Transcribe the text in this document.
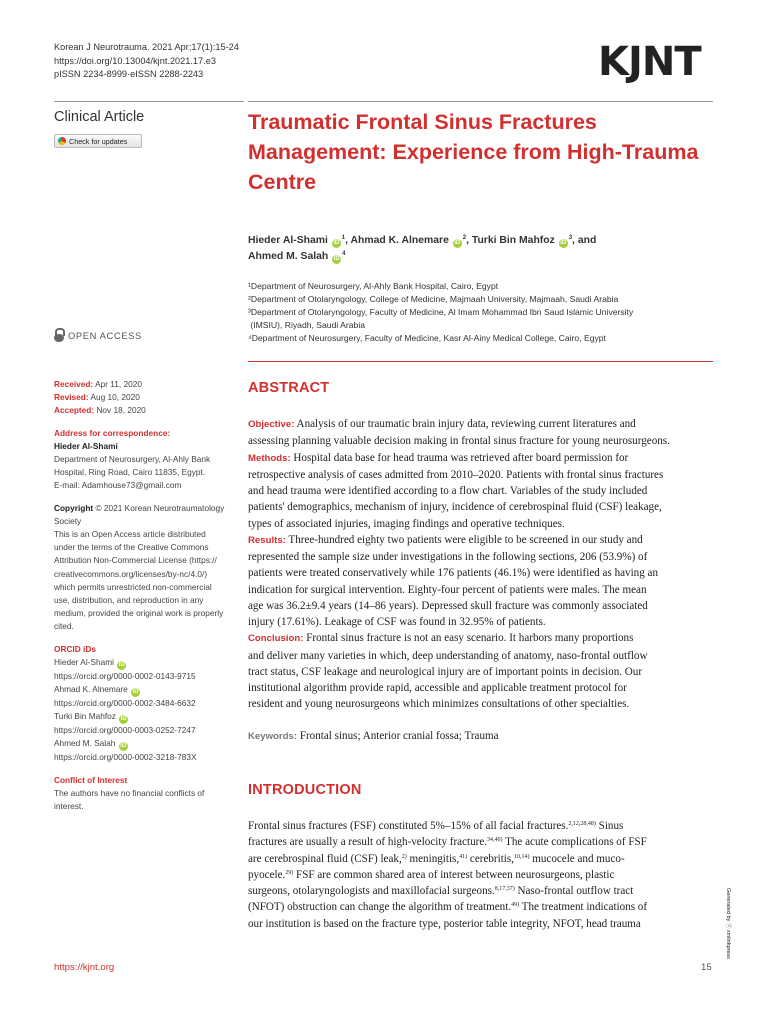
Korean J Neurotrauma. 2021 Apr;17(1):15-24
https://doi.org/10.13004/kjnt.2021.17.e3
pISSN 2234-8999·eISSN 2288-2243	KJNT
Clinical Article
Check for updates
Traumatic Frontal Sinus Fractures Management: Experience from High-Trauma Centre
Hieder Al-Shami $iD^1$, Ahmad K. Alnemare $iD^2$, Turki Bin Mahfoz $iD^3$, and
Ahmed M. Salah $iD^4$
¹Department of Neurosurgery, Al-Ahly Bank Hospital, Cairo, Egypt
²Department of Otolaryngology, College of Medicine, Majmaah University, Majmaah, Saudi Arabia
³Department of Otolaryngology, Faculty of Medicine, Al Imam Mohammad Ibn Saud Islamic University
(IMSIU), Riyadh, Saudi Arabia
⁴Department of Neurosurgery, Faculty of Medicine, Kasr Al-Ainy Medical College, Cairo, Egypt
OPEN ACCESS
Received: Apr 11, 2020
Revised: Aug 10, 2020
Accepted: Nov 18, 2020
Address for correspondence:
Hieder Al-Shami
Department of Neurosurgery, Al-Ahly Bank
Hospital, Ring Road, Cairo 11835, Egypt.
E-mail: Adamhouse73@gmail.com
Copyright © 2021 Korean Neurotraumatology
Society
This is an Open Access article distributed
under the terms of the Creative Commons
Attribution Non-Commercial License (https://
creativecommons.org/licenses/by-nc/4.0/)
which permits unrestricted non-commercial
use, distribution, and reproduction in any
medium, provided the original work is properly
cited.
ORCID iDs
Hieder Al-Shami iD
https://orcid.org/0000-0002-0143-9715
Ahmad K. Alnemare iD
https://orcid.org/0000-0002-3484-6632
Turki Bin Mahfoz iD
https://orcid.org/0000-0003-0252-7247
Ahmed M. Salah iD
https://orcid.org/0000-0002-3218-783X
Conflict of Interest
The authors have no financial conflicts of
interest.
ABSTRACT
Objective: Analysis of our traumatic brain injury data, reviewing current literatures and
assessing planning valuable decision making in frontal sinus fracture for young neurosurgeons.
Methods: Hospital data base for head trauma was retrieved after board permission for
retrospective analysis of cases admitted from 2010–2020. Patients with frontal sinus fractures
and head trauma were identified according to a flow chart. Variables of the study included
patients' demographics, mechanism of injury, incidence of cerebrospinal fluid (CSF) leakage,
types of associated injuries, imaging findings and operative techniques.
Results: Three-hundred eighty two patients were eligible to be screened in our study and
represented the sample size under investigations in the following sections, 206 (53.9%) of
patients were treated conservatively while 176 patients (46.1%) were identified as having an
indication for surgical intervention. Eighty-four percent of patients were males. The mean
age was 36.2±9.4 years (14–86 years). Depressed skull fracture was commonly associated
injury (17.61%). Leakage of CSF was found in 32.95% of patients.
Conclusion: Frontal sinus fracture is not an easy scenario. It harbors many proportions
and deliver many varieties in which, deep understanding of anatomy, naso-frontal outflow
tract status, CSF leakage and neurological injury are of important points in decision. Our
institutional algorithm provide rapid, accessible and applicable treatment protocol for
resident and young neurosurgeons which minimizes consultations of other specialties.
Keywords: Frontal sinus; Anterior cranial fossa; Trauma
INTRODUCTION
Frontal sinus fractures (FSF) constituted 5%–15% of all facial fractures.$^{2,12,28,48)}$ Sinus
fractures are usually a result of high-velocity fracture.$^{34,40)}$ The acute complications of FSF
are cerebrospinal fluid (CSF) leak,$^{2)}$ meningitis,$^{41)}$ cerebritis,$^{10,14)}$ mucocele and muco-
pyocele.$^{29)}$ FSF are common shared area of interest between neurosurgeons, plastic
surgeons, otolaryngologists and maxillofacial surgeons.$^{8,17,37)}$ Naso-frontal outflow tract
(NFOT) obstruction can change the algorithm of treatment.$^{49)}$ The treatment indications of
our institution is based on the fracture type, posterior table integrity, NFOT, head trauma	Generated by ⓧ xmlinkpress
https://kjnt.org	15
